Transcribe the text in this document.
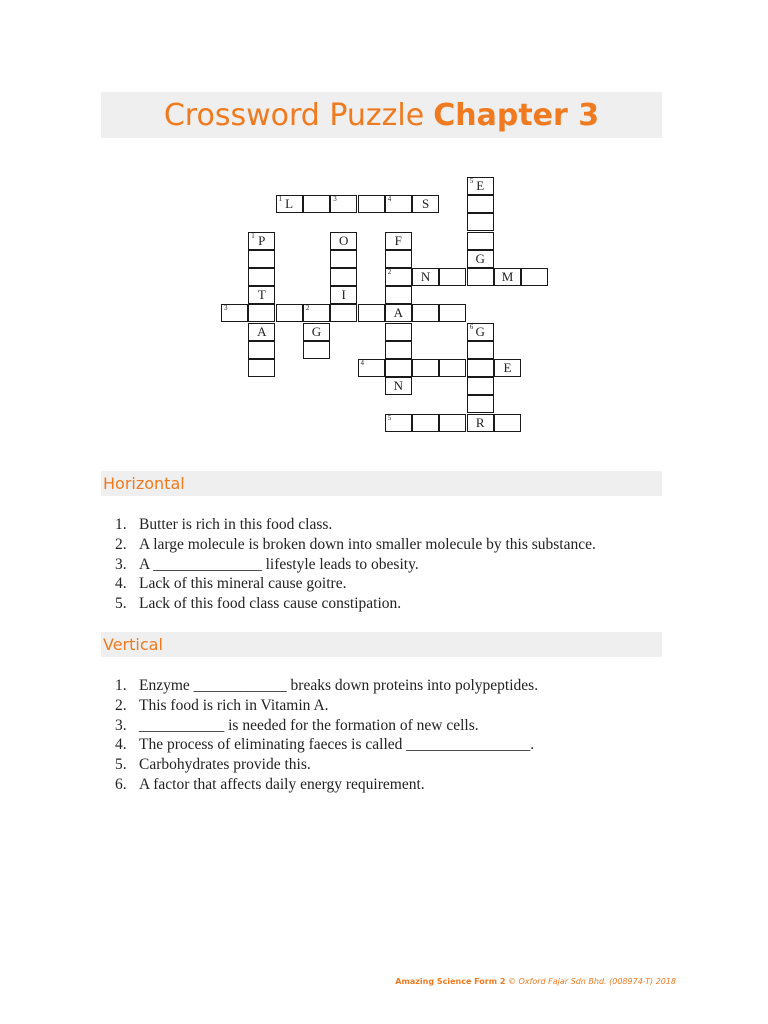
Crossword Puzzle Chapter 3
5 E
1 L	3	4	S
1 P	O	F
G
2	N	M
T	I
3	2	A
A	G	6 G
4	E
N
5	R
Horizontal
1. Butter is rich in this food class.
2. A large molecule is broken down into smaller molecule by this substance.
3. A ______________ lifestyle leads to obesity.
4. Lack of this mineral cause goitre.
5. Lack of this food class cause constipation.
Vertical
1. Enzyme ____________ breaks down proteins into polypeptides.
2. This food is rich in Vitamin A.
3. ___________ is needed for the formation of new cells.
4. The process of eliminating faeces is called ________________.
5. Carbohydrates provide this.
6. A factor that affects daily energy requirement.
Amazing Science Form 2 © Oxford Fajar Sdn Bhd. (008974-T) 2018
